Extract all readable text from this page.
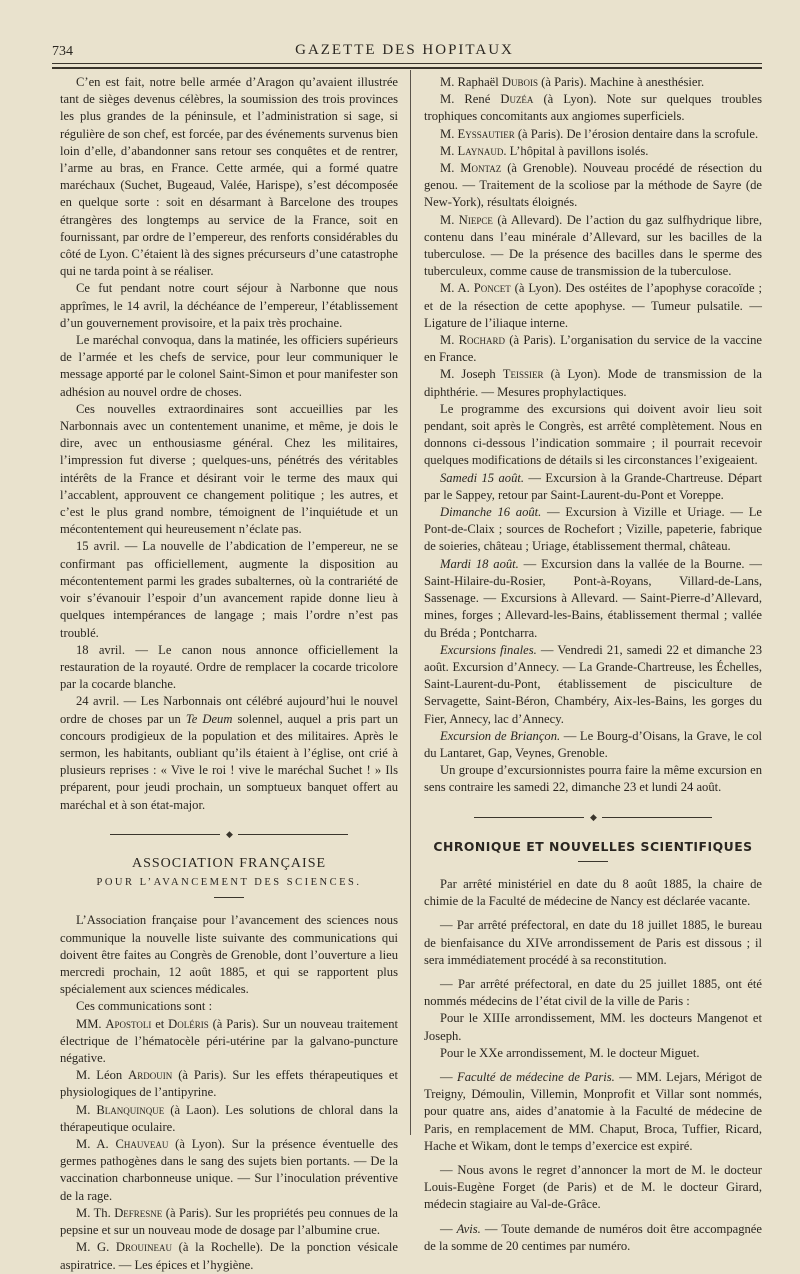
734	GAZETTE DES HOPITAUX

C’en est fait, notre belle armée d’Aragon qu’avaient illustrée tant de sièges devenus célèbres, la soumission des trois provinces les plus grandes de la péninsule, et l’administration si sage, si régulière de son chef, est forcée, par des événements survenus bien loin d’elle, d’abandonner sans retour ses conquêtes et de rentrer, l’arme au bras, en France. Cette armée, qui a formé quatre maréchaux (Suchet, Bugeaud, Valée, Harispe), s’est décomposée en quelque sorte : soit en désarmant à Barcelone des troupes étrangères des longtemps au service de la France, soit en fournissant, par ordre de l’empereur, des renforts considérables du côté de Lyon. C’étaient là des signes précurseurs d’une catastrophe qui ne tarda point à se réaliser.

Ce fut pendant notre court séjour à Narbonne que nous apprîmes, le 14 avril, la déchéance de l’empereur, l’établissement d’un gouvernement provisoire, et la paix très prochaine.

Le maréchal convoqua, dans la matinée, les officiers supérieurs de l’armée et les chefs de service, pour leur communiquer le message apporté par le colonel Saint-Simon et pour manifester son adhésion au nouvel ordre de choses.

Ces nouvelles extraordinaires sont accueillies par les Narbonnais avec un contentement unanime, et même, je dois le dire, avec un enthousiasme général. Chez les militaires, l’impression fut diverse ; quelques-uns, pénétrés des véritables intérêts de la France et désirant voir le terme des maux qui l’accablent, approuvent ce changement politique ; les autres, et c’est le plus grand nombre, témoignent de l’inquiétude et un mécontentement qui heureusement n’éclate pas.

15 avril. — La nouvelle de l’abdication de l’empereur, ne se confirmant pas officiellement, augmente la disposition au mécontentement parmi les grades subalternes, où la contrariété de voir s’évanouir l’espoir d’un avancement rapide donne lieu à quelques intempérances de langage ; mais l’ordre n’est pas troublé.

18 avril. — Le canon nous annonce officiellement la restauration de la royauté. Ordre de remplacer la cocarde tricolore par la cocarde blanche.

24 avril. — Les Narbonnais ont célébré aujourd’hui le nouvel ordre de choses par un Te Deum solennel, auquel a pris part un concours prodigieux de la population et des militaires. Après le sermon, les habitants, oubliant qu’ils étaient à l’église, ont crié à plusieurs reprises : « Vive le roi ! vive le maréchal Suchet ! » Ils préparent, pour jeudi prochain, un somptueux banquet offert au maréchal et à son état-major.

◆
ASSOCIATION FRANÇAISE
POUR L’AVANCEMENT DES SCIENCES.

L’Association française pour l’avancement des sciences nous communique la nouvelle liste suivante des communications qui doivent être faites au Congrès de Grenoble, dont l’ouverture a lieu mercredi prochain, 12 août 1885, et qui se rapportent plus spécialement aux sciences médicales.

Ces communications sont :

MM. Apostoli et Doléris (à Paris). Sur un nouveau traitement électrique de l’hématocèle péri-utérine par la galvano-puncture négative.

M. Léon Ardouin (à Paris). Sur les effets thérapeutiques et physiologiques de l’antipyrine.

M. Blanquinque (à Laon). Les solutions de chloral dans la thérapeutique oculaire.

M. A. Chauveau (à Lyon). Sur la présence éventuelle des germes pathogènes dans le sang des sujets bien portants. — De la vaccination charbonneuse unique. — Sur l’inoculation préventive de la rage.

M. Th. Defresne (à Paris). Sur les propriétés peu connues de la pepsine et sur un nouveau mode de dosage par l’albumine crue.

M. G. Drouineau (à la Rochelle). De la ponction vésicale aspiratrice. — Les épices et l’hygiène.

M. Raphaël Dubois (à Paris). Machine à anesthésier.

M. René Duzéa (à Lyon). Note sur quelques troubles trophiques concomitants aux angiomes superficiels.

M. Eyssautier (à Paris). De l’érosion dentaire dans la scrofule.

M. Laynaud. L’hôpital à pavillons isolés.

M. Montaz (à Grenoble). Nouveau procédé de résection du genou. — Traitement de la scoliose par la méthode de Sayre (de New-York), résultats éloignés.

M. Niepce (à Allevard). De l’action du gaz sulfhydrique libre, contenu dans l’eau minérale d’Allevard, sur les bacilles de la tuberculose. — De la présence des bacilles dans le sperme des tuberculeux, comme cause de transmission de la tuberculose.

M. A. Poncet (à Lyon). Des ostéites de l’apophyse coracoïde ; et de la résection de cette apophyse. — Tumeur pulsatile. — Ligature de l’iliaque interne.

M. Rochard (à Paris). L’organisation du service de la vaccine en France.

M. Joseph Teissier (à Lyon). Mode de transmission de la diphthérie. — Mesures prophylactiques.

Le programme des excursions qui doivent avoir lieu soit pendant, soit après le Congrès, est arrêté complètement. Nous en donnons ci-dessous l’indication sommaire ; il pourrait recevoir quelques modifications de détails si les circonstances l’exigeaient.

Samedi 15 août. — Excursion à la Grande-Chartreuse. Départ par le Sappey, retour par Saint-Laurent-du-Pont et Voreppe.

Dimanche 16 août. — Excursion à Vizille et Uriage. — Le Pont-de-Claix ; sources de Rochefort ; Vizille, papeterie, fabrique de soieries, château ; Uriage, établissement thermal, château.

Mardi 18 août. — Excursion dans la vallée de la Bourne. — Saint-Hilaire-du-Rosier, Pont-à-Royans, Villard-de-Lans, Sassenage. — Excursions à Allevard. — Saint-Pierre-d’Allevard, mines, forges ; Allevard-les-Bains, établissement thermal ; vallée du Bréda ; Pontcharra.

Excursions finales. — Vendredi 21, samedi 22 et dimanche 23 août. Excursion d’Annecy. — La Grande-Chartreuse, les Échelles, Saint-Laurent-du-Pont, établissement de pisciculture de Servagette, Saint-Béron, Chambéry, Aix-les-Bains, les gorges du Fier, Annecy, lac d’Annecy.

Excursion de Briançon. — Le Bourg-d’Oisans, la Grave, le col du Lantaret, Gap, Veynes, Grenoble.

Un groupe d’excursionnistes pourra faire la même excursion en sens contraire les samedi 22, dimanche 23 et lundi 24 août.

◆
CHRONIQUE ET NOUVELLES SCIENTIFIQUES

Par arrêté ministériel en date du 8 août 1885, la chaire de chimie de la Faculté de médecine de Nancy est déclarée vacante.

— Par arrêté préfectoral, en date du 18 juillet 1885, le bureau de bienfaisance du XIVe arrondissement de Paris est dissous ; il sera immédiatement procédé à sa reconstitution.

— Par arrêté préfectoral, en date du 25 juillet 1885, ont été nommés médecins de l’état civil de la ville de Paris :

Pour le XIIIe arrondissement, MM. les docteurs Mangenot et Joseph.

Pour le XXe arrondissement, M. le docteur Miguet.

— Faculté de médecine de Paris. — MM. Lejars, Mérigot de Treigny, Démoulin, Villemin, Monprofit et Villar sont nommés, pour quatre ans, aides d’anatomie à la Faculté de médecine de Paris, en remplacement de MM. Chaput, Broca, Tuffier, Ricard, Hache et Wikam, dont le temps d’exercice est expiré.

— Nous avons le regret d’annoncer la mort de M. le docteur Louis-Eugène Forget (de Paris) et de M. le docteur Girard, médecin stagiaire au Val-de-Grâce.

— Avis. — Toute demande de numéros doit être accompagnée de la somme de 20 centimes par numéro.
